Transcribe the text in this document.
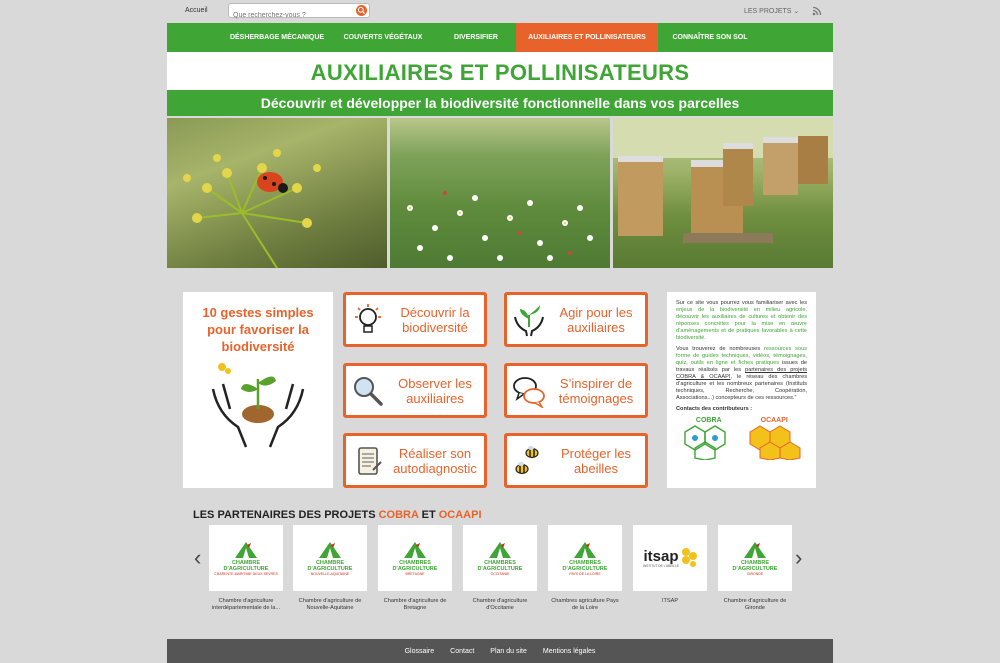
Accueil
Que recherchez-vous ?	LES PROJETS ⌄
DÉSHERBAGE MÉCANIQUE	COUVERTS VÉGÉTAUX	DIVERSIFIER	AUXILIAIRES ET POLLINISATEURS	CONNAÎTRE SON SOL
AUXILIAIRES ET POLLINISATEURS
Découvrir et développer la biodiversité fonctionnelle dans vos parcelles
10 gestes simples pour favoriser la biodiversité
Découvrir la biodiversité
Agir pour les auxiliaires
Observer les auxiliaires
S’inspirer de témoignages
Réaliser son autodiagnostic
Protéger les abeilles

Sur ce site vous pourrez vous familiariser avec les enjeux de la biodiversité en milieu agricole, découvrir les auxiliaires de cultures et obtenir des réponses concrètes pour la mise en œuvre d’aménagements et de pratiques favorables à cette biodiversité.

Vous trouverez de nombreuses ressources sous forme de guides techniques, vidéos, témoignages, quiz, outils en ligne et fiches pratiques issues de travaux réalisés par les partenaires des projets COBRA & OCAAPI, le réseau des chambres d’agriculture et les nombreux partenaires (Instituts techniques, Recherche, Coopération, Associations...) concepteurs de ces ressources.”

Contacts des contributeurs :
COBRA	OCAAPI
LES PARTENAIRES DES PROJETS COBRA ET OCAAPI
‹	›
CHAMBRE D'AGRICULTURE
CHARENTE-MARITIME DEUX-SEVRES
Chambre d'agriculture interdépartementale de la...
CHAMBRE D'AGRICULTURE
NOUVELLE-AQUITAINE
Chambre d'agriculture de Nouvelle-Aquitaine
CHAMBRES D'AGRICULTURE
BRETAGNE
Chambre d'agriculture de Bretagne
CHAMBRES D'AGRICULTURE
OCCITANIE
Chambre d'agriculture d'Occitanie
CHAMBRES D'AGRICULTURE
PAYS DE LA LOIRE
Chambres agriculture Pays de la Loire
itsap
INSTITUT DE L'ABEILLE
ITSAP
CHAMBRE D'AGRICULTURE
GIRONDE
Chambre d'agriculture de Gironde
Glossaire Contact Plan du site Mentions légales
